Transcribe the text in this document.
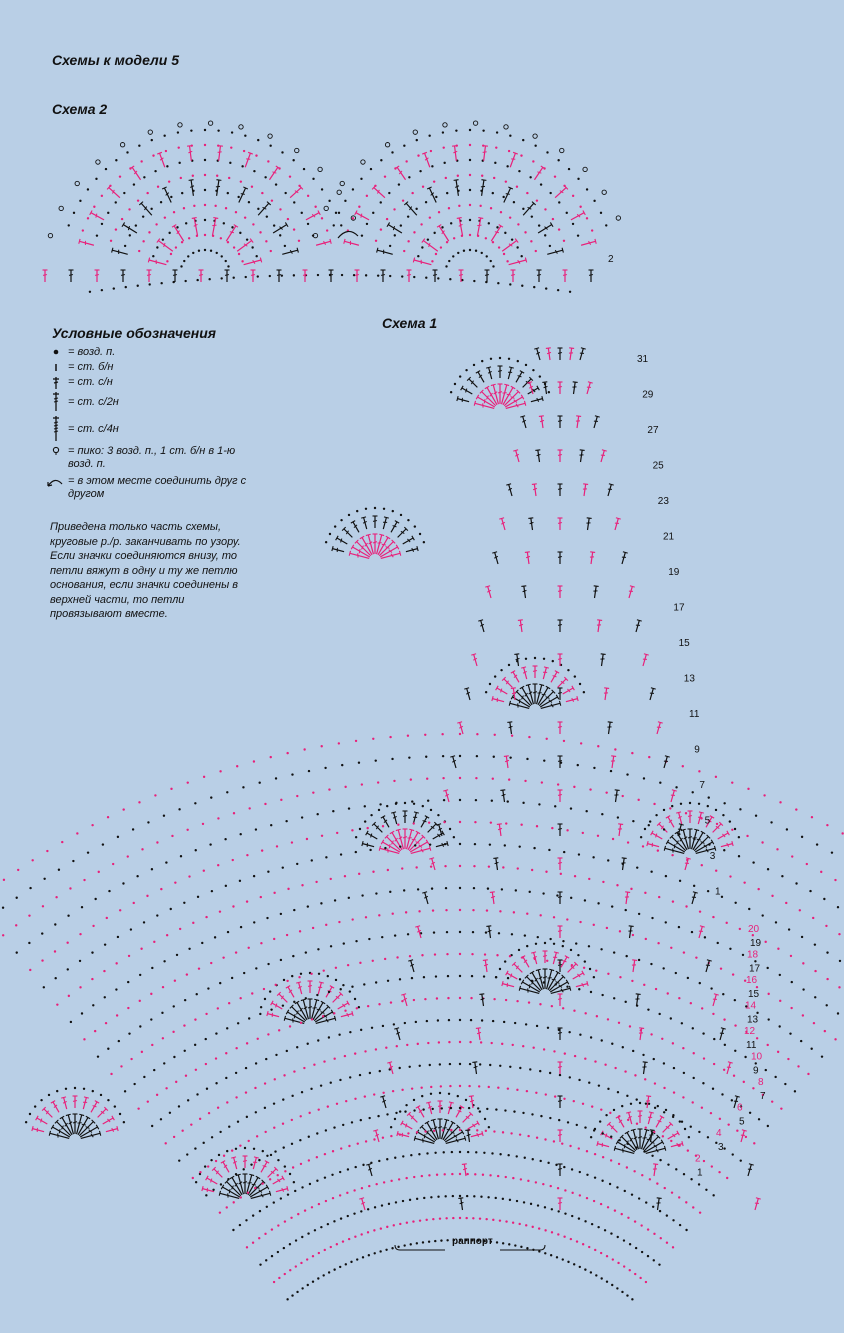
Схемы к модели 5
Схема 2
Условные обозначения
Схема 1
= возд. п.
= ст. б/н
= ст. с/н
= ст. с/2н
= ст. с/4н
= пико: 3 возд. п., 1 ст. б/н в 1-ю возд. п.
= в этом месте соединить друг с другом
Приведена только часть схемы, круговые р./р. заканчивать по узору. Если значки соединяются внизу, то петли вяжут в одну и ту же петлю основания, если значки соединены в верхней части, то петли провязывают вместе.
2
31
29
27
25
23
21
19
17
15
13
11
9
7
5
3
1
20
18
16
14
12
10
8
6
4
2
19
17
15
13
11
9
7
5
3
1
раппорт
